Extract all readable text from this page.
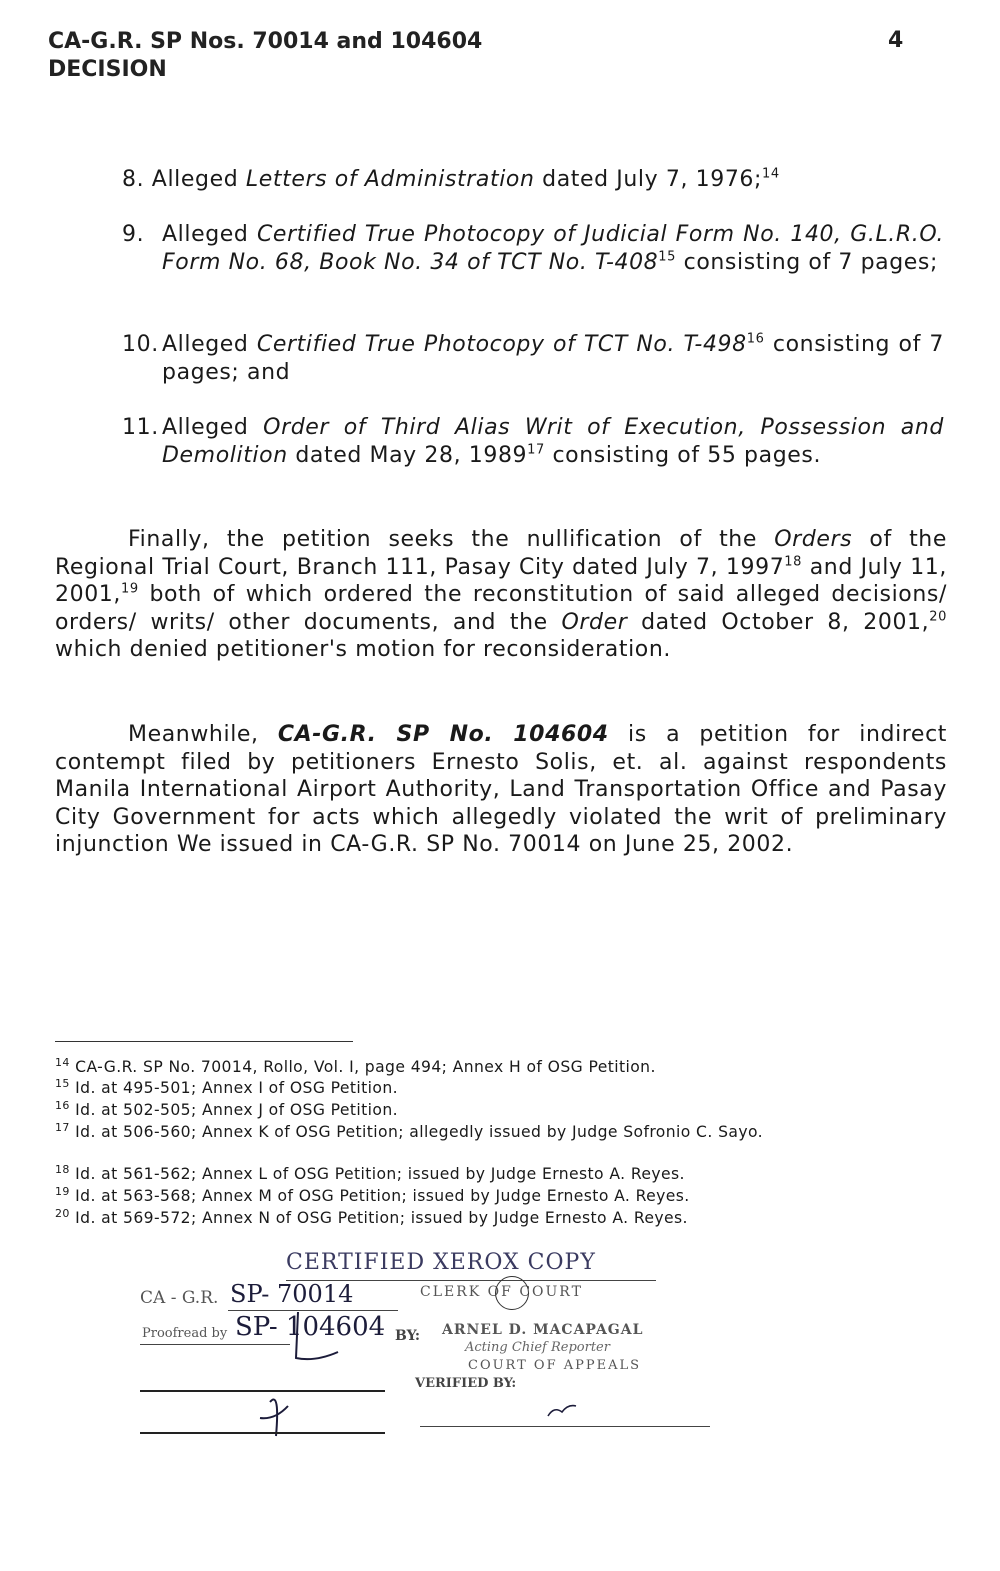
CA-G.R. SP Nos. 70014 and 104604
DECISION
4
8. Alleged Letters of Administration dated July 7, 1976;$^{14}$
9. Alleged Certified True Photocopy of Judicial Form No. 140, G.L.R.O. Form No. 68, Book No. 34 of TCT No. $T-408^{15}$ consisting of 7 pages;
10. Alleged Certified True Photocopy of TCT No. $T-498^{16}$ consisting of 7 pages; and
11. Alleged Order of Third Alias Writ of Execution, Possession and Demolition dated May 28, 1989$^{17}$ consisting of 55 pages.
Finally, the petition seeks the nullification of the Orders of the Regional Trial Court, Branch 111, Pasay City dated July 7, 1997$^{18}$ and July 11, 2001,19 both of which ordered the reconstitution of said alleged decisions/ orders/ writs/ other documents, and the Order dated October 8, 2001,20 which denied petitioner's motion for reconsideration.
Meanwhile, CA-G.R. SP No. 104604 is a petition for indirect contempt filed by petitioners Ernesto Solis, et. al. against respondents Manila International Airport Authority, Land Transportation Office and Pasay City Government for acts which allegedly violated the writ of preliminary injunction We issued in CA-G.R. SP No. 70014 on June 25, 2002.
$^{14}$ CA-G.R. SP No. 70014, Rollo, Vol. I, page 494; Annex H of OSG Petition.
$^{15}$ Id. at 495-501; Annex I of OSG Petition.
$^{16}$ Id. at 502-505; Annex J of OSG Petition.
$^{17}$ Id. at 506-560; Annex K of OSG Petition; allegedly issued by Judge Sofronio C. Sayo.
$^{18}$ Id. at 561-562; Annex L of OSG Petition; issued by Judge Ernesto A. Reyes.
$^{19}$ Id. at 563-568; Annex M of OSG Petition; issued by Judge Ernesto A. Reyes.
$^{20}$ Id. at 569-572; Annex N of OSG Petition; issued by Judge Ernesto A. Reyes.
CERTIFIED XEROX COPY
CLERK OF COURT
CA - G.R. SP- 70014
SP- 104604
Proofread by	BY: ARNEL D. MACAPAGAL
Acting Chief Reporter
COURT OF APPEALS
VERIFIED BY:
